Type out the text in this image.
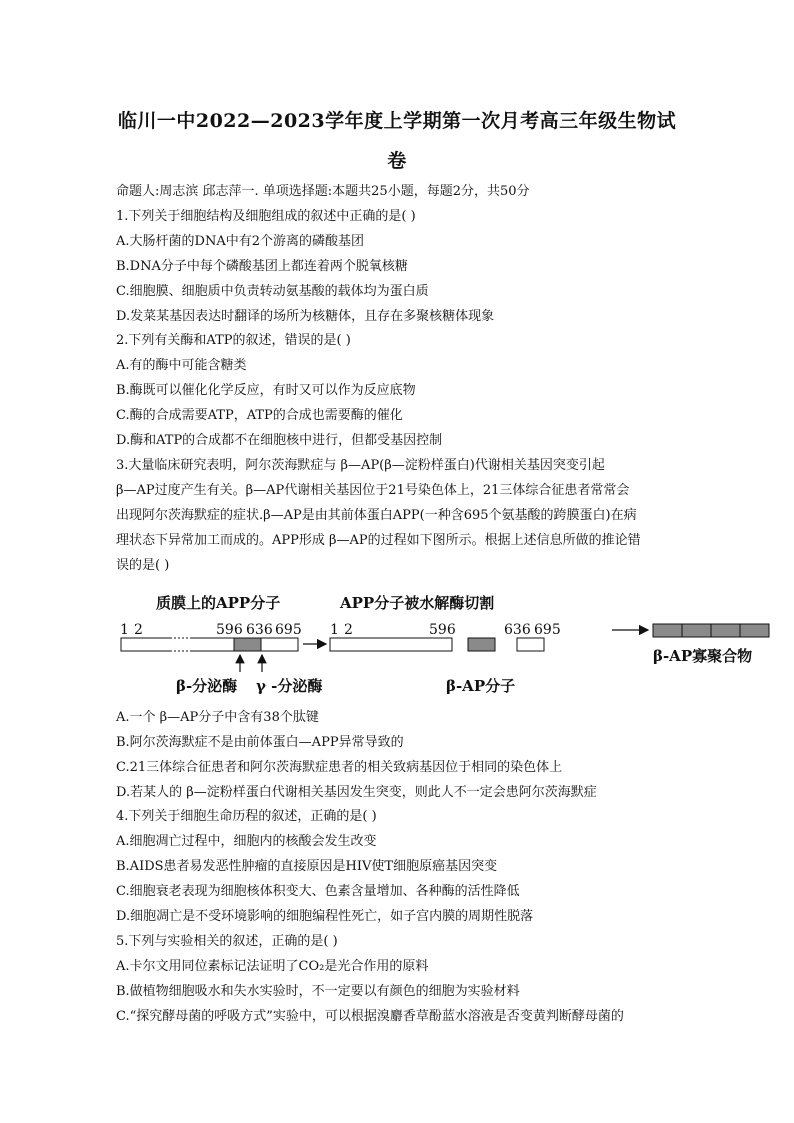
临川一中2022—2023学年度上学期第一次月考高三年级生物试
卷
命题人:周志滨 邱志萍一. 单项选择题:本题共25小题，每题2分，共50分
1.下列关于细胞结构及细胞组成的叙述中正确的是( )
A.大肠杆菌的DNA中有2个游离的磷酸基团
B.DNA分子中每个磷酸基团上都连着两个脱氧核糖
C.细胞膜、细胞质中负责转动氨基酸的载体均为蛋白质
D.发菜某基因表达时翻译的场所为核糖体，且存在多聚核糖体现象
2.下列有关酶和ATP的叙述，错误的是( )
A.有的酶中可能含糖类
B.酶既可以催化化学反应，有时又可以作为反应底物
C.酶的合成需要ATP，ATP的合成也需要酶的催化
D.酶和ATP的合成都不在细胞核中进行，但都受基因控制
3.大量临床研究表明，阿尔茨海默症与 β—AP(β—淀粉样蛋白)代谢相关基因突变引起
β—AP过度产生有关。β—AP代谢相关基因位于21号染色体上，21三体综合征患者常常会
出现阿尔茨海默症的症状.β—AP是由其前体蛋白APP(一种含695个氨基酸的跨膜蛋白)在病
理状态下异常加工而成的。APP形成 β—AP的过程如下图所示。根据上述信息所做的推论错
误的是( )
质膜上的APP分子	APP分子被水解酶切割
1 2	596 636 695 1 2	596	636 695
β-AP寡聚合物
β-分泌酶 γ -分泌酶	β-AP分子
A.一个 β—AP分子中含有38个肽键
B.阿尔茨海默症不是由前体蛋白—APP异常导致的
C.21三体综合征患者和阿尔茨海默症患者的相关致病基因位于相同的染色体上
D.若某人的 β—淀粉样蛋白代谢相关基因发生突变，则此人不一定会患阿尔茨海默症
4.下列关于细胞生命历程的叙述，正确的是( )
A.细胞凋亡过程中，细胞内的核酸会发生改变
B.AIDS患者易发恶性肿瘤的直接原因是HIV使T细胞原癌基因突变
C.细胞衰老表现为细胞核体积变大、色素含量增加、各种酶的活性降低
D.细胞凋亡是不受环境影响的细胞编程性死亡，如子宫内膜的周期性脱落
5.下列与实验相关的叙述，正确的是( )
A.卡尔文用同位素标记法证明了CO₂是光合作用的原料
B.做植物细胞吸水和失水实验时，不一定要以有颜色的细胞为实验材料
C.“探究酵母菌的呼吸方式”实验中，可以根据溴麝香草酚蓝水溶液是否变黄判断酵母菌的
